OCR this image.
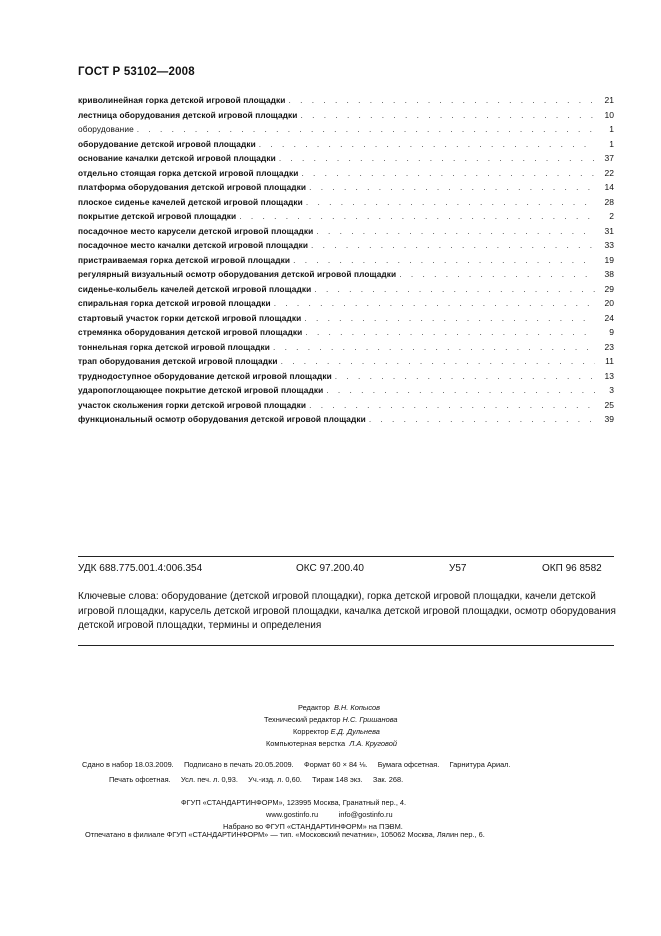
ГОСТ Р 53102—2008
криволинейная горка детской игровой площадки . . .	21
лестница оборудования детской игровой площадки . . .	10
оборудование . . .	1
оборудование детской игровой площадки . . .	1
основание качалки детской игровой площадки . . .	37
отдельно стоящая горка детской игровой площадки . . .	22
платформа оборудования детской игровой площадки . . .	14
плоское сиденье качелей детской игровой площадки . . .	28
покрытие детской игровой площадки . . .	2
посадочное место карусели детской игровой площадки . . .	31
посадочное место качалки детской игровой площадки . . .	33
пристраиваемая горка детской игровой площадки . . .	19
регулярный визуальный осмотр оборудования детской игровой площадки . . .	38
сиденье-колыбель качелей детской игровой площадки . . .	29
спиральная горка детской игровой площадки . . .	20
стартовый участок горки детской игровой площадки . . .	24
стремянка оборудования детской игровой площадки . . .	9
тоннельная горка детской игровой площадки . . .	23
трап оборудования детской игровой площадки . . .	11
труднодоступное оборудование детской игровой площадки . . .	13
ударопоглощающее покрытие детской игровой площадки . . .	3
участок скольжения горки детской игровой площадки . . .	25
функциональный осмотр оборудования детской игровой площадки . . .	39
УДК 688.775.001.4:006.354	ОКС 97.200.40	У57	ОКП 96 8582
Ключевые слова: оборудование (детской игровой площадки), горка детской игровой площадки, качели детской игровой площадки, карусель детской игровой площадки, качалка детской игровой площадки, осмотр оборудования детской игровой площадки, термины и определения
Редактор В.Н. Копысов
Технический редактор Н.С. Гришанова
Корректор Е.Д. Дульнева
Компьютерная верстка Л.А. Круговой
Сдано в набор 18.03.2009.     Подписано в печать 20.05.2009.     Формат 60 × 84 ⅛.     Бумага офсетная.     Гарнитура Ариал.
Печать офсетная.     Усл. печ. л. 0,93.     Уч.-изд. л. 0,60.     Тираж 148 экз.     Зак. 268.
ФГУП «СТАНДАРТИНФОРМ», 123995 Москва, Гранатный пер., 4.
www.gostinfo.ru          info@gostinfo.ru
Набрано во ФГУП «СТАНДАРТИНФОРМ» на ПЭВМ.
Отпечатано в филиале ФГУП «СТАНДАРТИНФОРМ» — тип. «Московский печатник», 105062 Москва, Лялин пер., 6.
